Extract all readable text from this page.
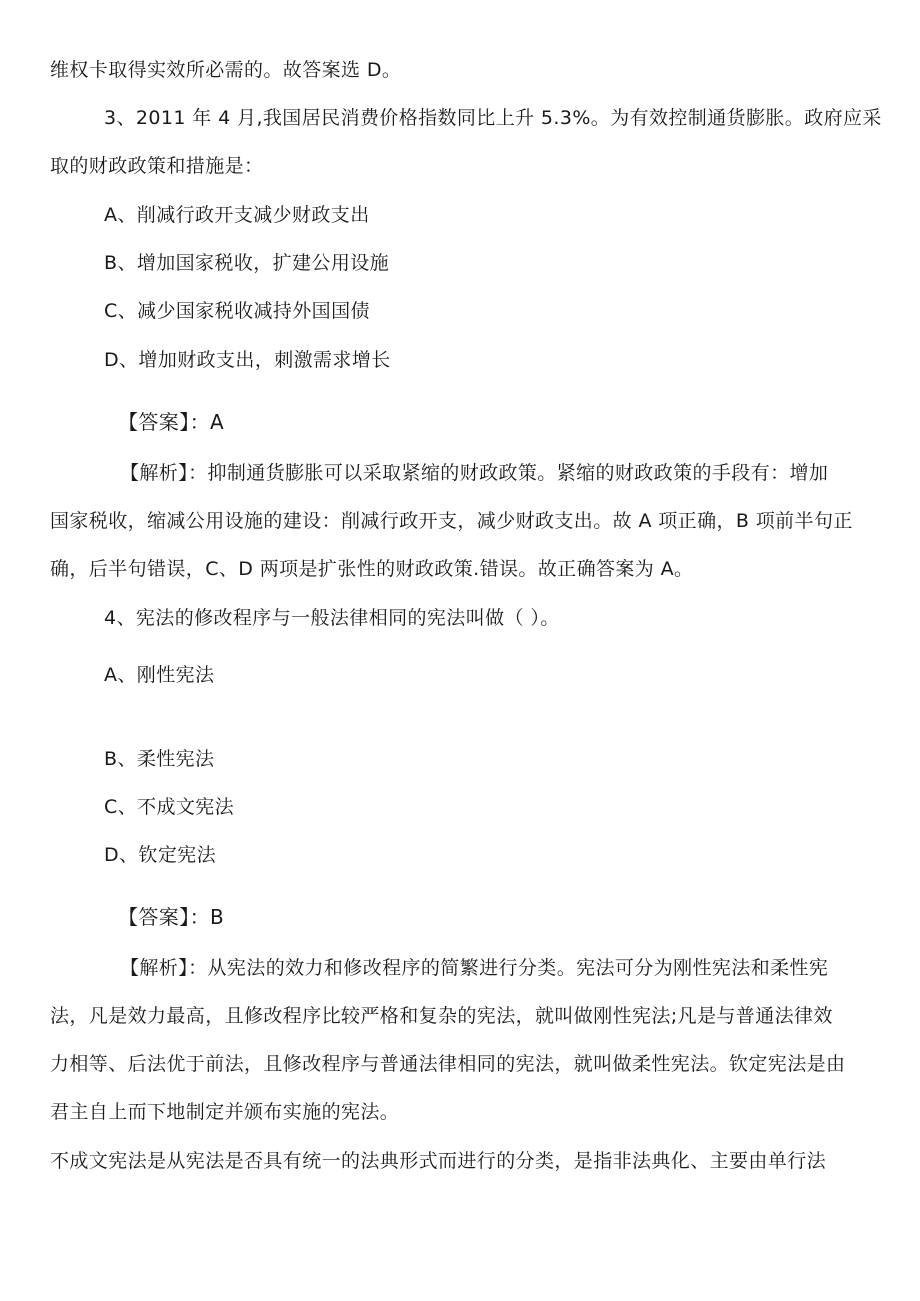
维权卡取得实效所必需的。故答案选 D。
3、2011 年 4 月,我国居民消费价格指数同比上升 5.3%。为有效控制通货膨胀。政府应采
取的财政政策和措施是：
A、削减行政开支减少财政支出
B、增加国家税收，扩建公用设施
C、减少国家税收减持外国国债
D、增加财政支出，刺激需求增长
【答案】：A
【解析】：抑制通货膨胀可以采取紧缩的财政政策。紧缩的财政政策的手段有：增加
国家税收，缩减公用设施的建设：削减行政开支，减少财政支出。故 A 项正确，B 项前半句正
确，后半句错误，C、D 两项是扩张性的财政政策.错误。故正确答案为 A。
4、宪法的修改程序与一般法律相同的宪法叫做（ ）。
A、刚性宪法
B、柔性宪法
C、不成文宪法
D、钦定宪法
【答案】：B
【解析】：从宪法的效力和修改程序的简繁进行分类。宪法可分为刚性宪法和柔性宪
法，凡是效力最高，且修改程序比较严格和复杂的宪法，就叫做刚性宪法;凡是与普通法律效
力相等、后法优于前法，且修改程序与普通法律相同的宪法，就叫做柔性宪法。钦定宪法是由
君主自上而下地制定并颁布实施的宪法。
不成文宪法是从宪法是否具有统一的法典形式而进行的分类，是指非法典化、主要由单行法
